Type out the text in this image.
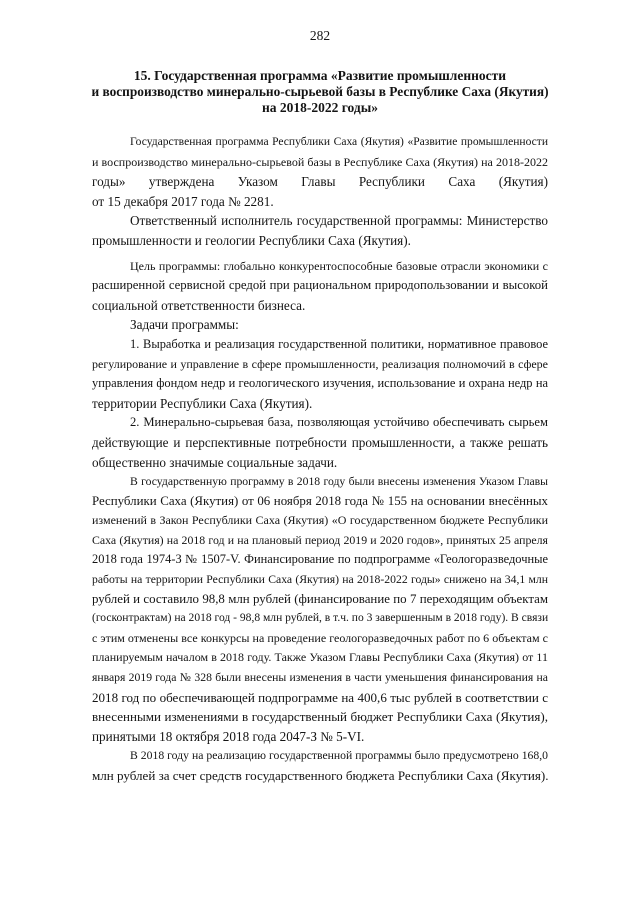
282
15. Государственная программа «Развитие промышленности
и воспроизводство минерально-сырьевой базы в Республике Саха (Якутия)
на 2018-2022 годы»
Государственная программа Республики Саха (Якутия) «Развитие промышленности
и воспроизводство минерально-сырьевой базы в Республике Саха (Якутия) на 2018-2022
годы» утверждена Указом Главы Республики Саха (Якутия)
от 15 декабря 2017 года № 2281.
Ответственный исполнитель государственной программы: Министерство
промышленности и геологии Республики Саха (Якутия).
Цель программы: глобально конкурентоспособные базовые отрасли экономики с
расширенной сервисной средой при рациональном природопользовании и высокой
социальной ответственности бизнеса.
Задачи программы:
1. Выработка и реализация государственной политики, нормативное правовое
регулирование и управление в сфере промышленности, реализация полномочий в сфере
управления фондом недр и геологического изучения, использование и охрана недр на
территории Республики Саха (Якутия).
2. Минерально-сырьевая база, позволяющая устойчиво обеспечивать сырьем
действующие и перспективные потребности промышленности, а также решать
общественно значимые социальные задачи.
В государственную программу в 2018 году были внесены изменения Указом Главы
Республики Саха (Якутия) от 06 ноября 2018 года № 155 на основании внесённых
изменений в Закон Республики Саха (Якутия) «О государственном бюджете Республики
Саха (Якутия) на 2018 год и на плановый период 2019 и 2020 годов», принятых 25 апреля
2018 года 1974-З № 1507-V. Финансирование по подпрограмме «Геологоразведочные
работы на территории Республики Саха (Якутия) на 2018-2022 годы» снижено на 34,1 млн
рублей и составило 98,8 млн рублей (финансирование по 7 переходящим объектам
(госконтрактам) на 2018 год - 98,8 млн рублей, в т.ч. по 3 завершенным в 2018 году). В связи
с этим отменены все конкурсы на проведение геологоразведочных работ по 6 объектам с
планируемым началом в 2018 году. Также Указом Главы Республики Саха (Якутия) от 11
января 2019 года № 328 были внесены изменения в части уменьшения финансирования на
2018 год по обеспечивающей подпрограмме на 400,6 тыс рублей в соответствии с
внесенными изменениями в государственный бюджет Республики Саха (Якутия),
принятыми 18 октября 2018 года 2047-З № 5-VI.
В 2018 году на реализацию государственной программы было предусмотрено 168,0
млн рублей за счет средств государственного бюджета Республики Саха (Якутия).
